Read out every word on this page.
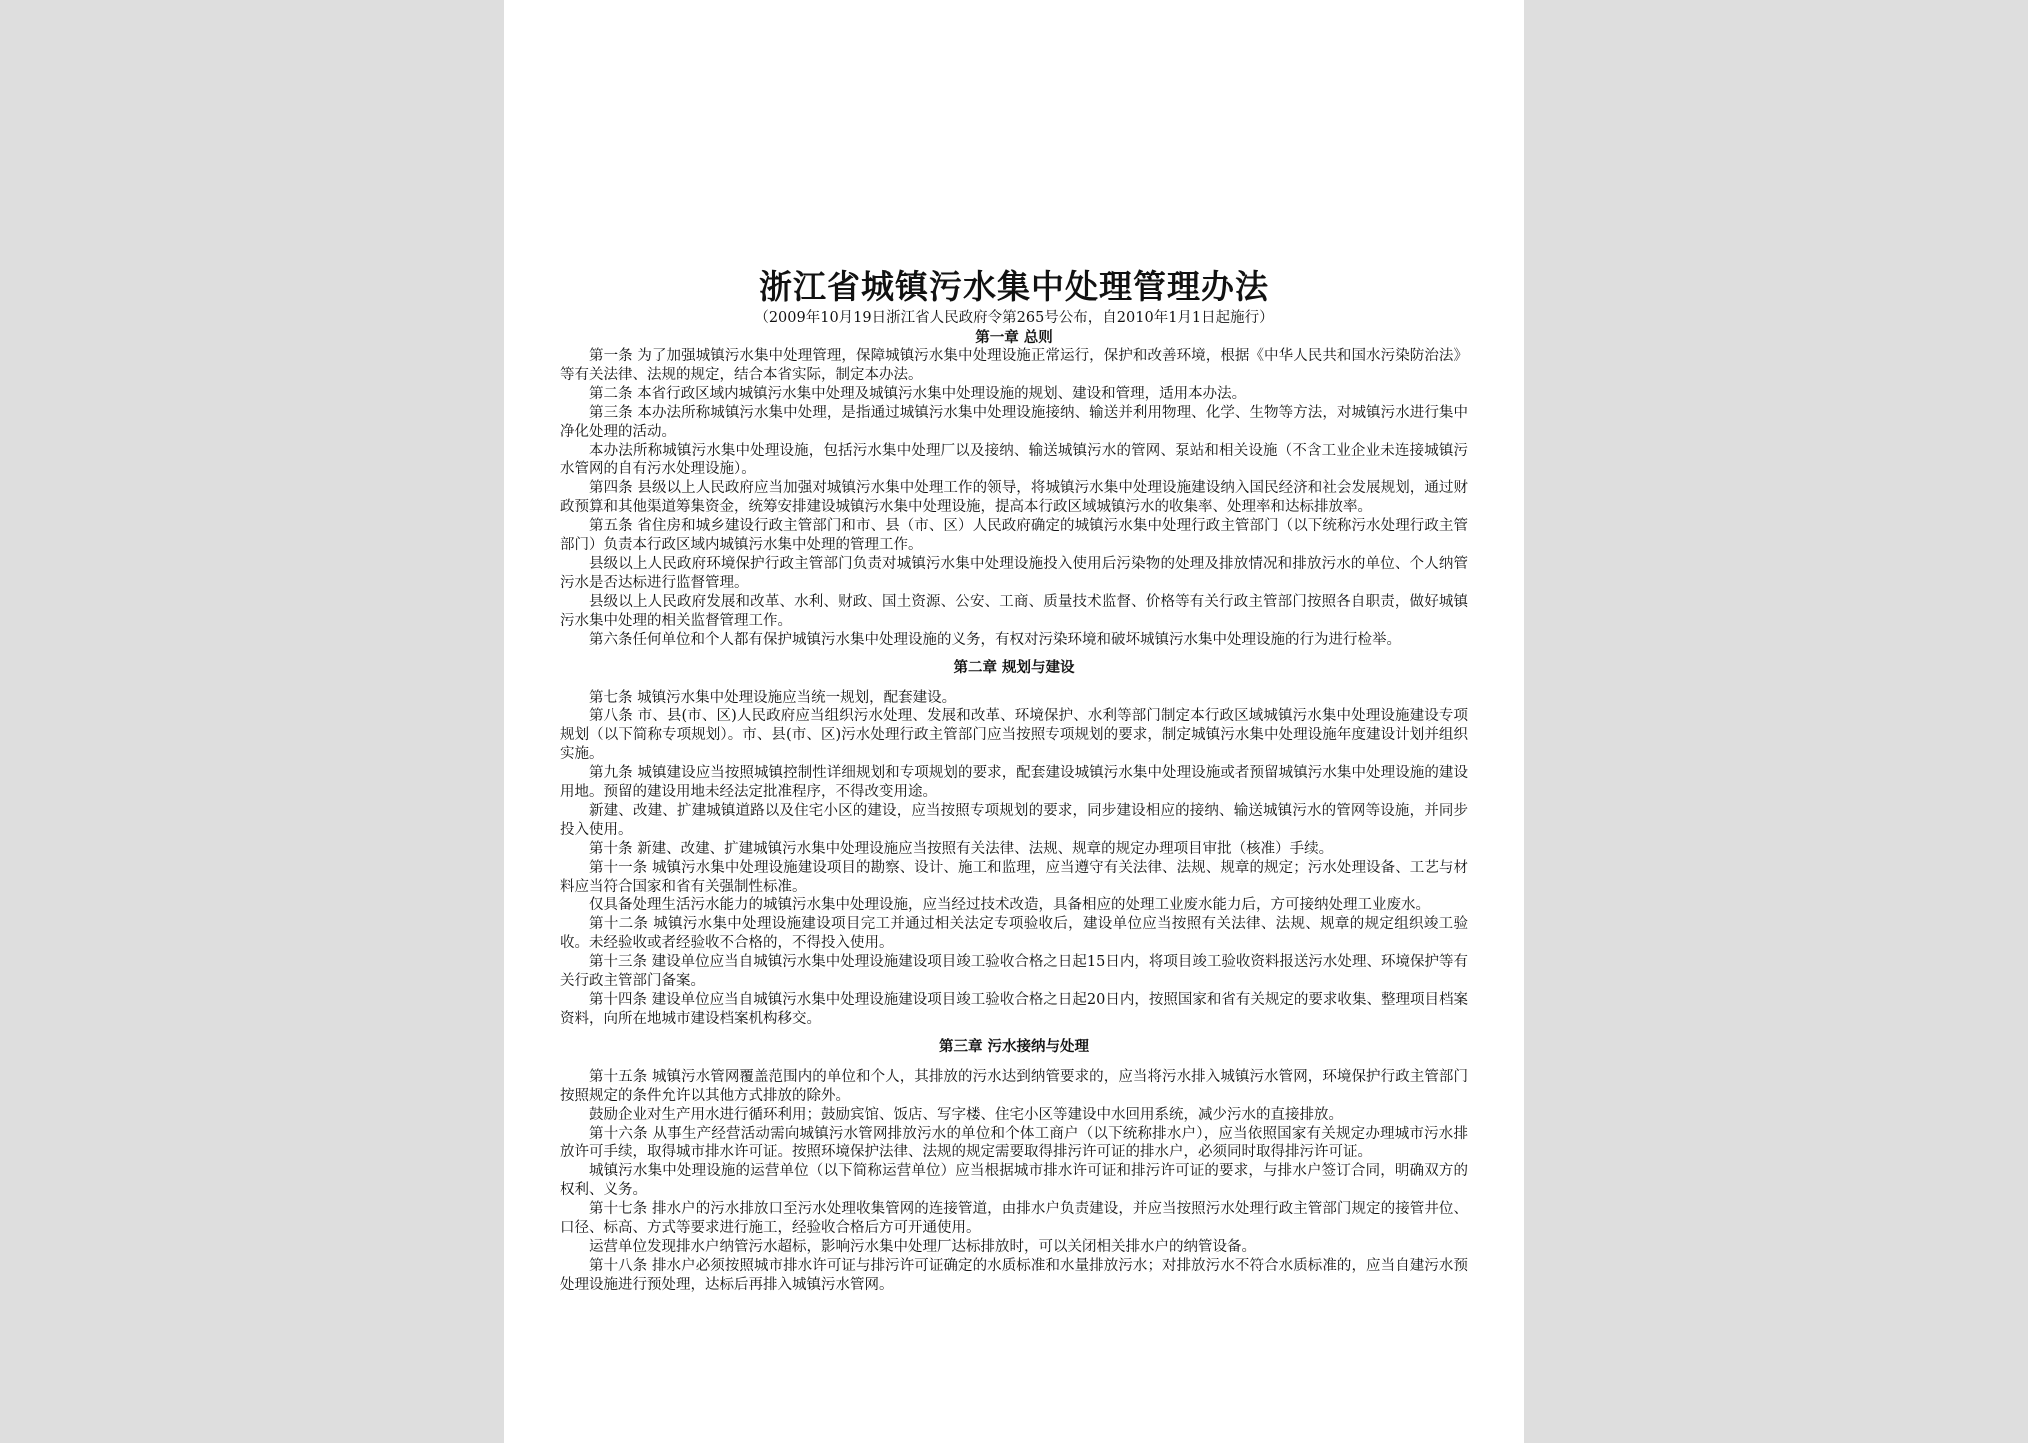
浙江省城镇污水集中处理管理办法

（2009年10月19日浙江省人民政府令第265号公布，自2010年1月1日起施行）

第一章 总则

第一条 为了加强城镇污水集中处理管理，保障城镇污水集中处理设施正常运行，保护和改善环境，根据《中华人民共和国水污染防治法》等有关法律、法规的规定，结合本省实际，制定本办法。

第二条 本省行政区域内城镇污水集中处理及城镇污水集中处理设施的规划、建设和管理，适用本办法。

第三条 本办法所称城镇污水集中处理，是指通过城镇污水集中处理设施接纳、输送并利用物理、化学、生物等方法，对城镇污水进行集中净化处理的活动。

本办法所称城镇污水集中处理设施，包括污水集中处理厂以及接纳、输送城镇污水的管网、泵站和相关设施（不含工业企业未连接城镇污水管网的自有污水处理设施）。

第四条 县级以上人民政府应当加强对城镇污水集中处理工作的领导，将城镇污水集中处理设施建设纳入国民经济和社会发展规划，通过财政预算和其他渠道筹集资金，统筹安排建设城镇污水集中处理设施，提高本行政区域城镇污水的收集率、处理率和达标排放率。

第五条 省住房和城乡建设行政主管部门和市、县（市、区）人民政府确定的城镇污水集中处理行政主管部门（以下统称污水处理行政主管部门）负责本行政区域内城镇污水集中处理的管理工作。

县级以上人民政府环境保护行政主管部门负责对城镇污水集中处理设施投入使用后污染物的处理及排放情况和排放污水的单位、个人纳管污水是否达标进行监督管理。

县级以上人民政府发展和改革、水利、财政、国土资源、公安、工商、质量技术监督、价格等有关行政主管部门按照各自职责，做好城镇污水集中处理的相关监督管理工作。

第六条任何单位和个人都有保护城镇污水集中处理设施的义务，有权对污染环境和破坏城镇污水集中处理设施的行为进行检举。

第二章 规划与建设

第七条 城镇污水集中处理设施应当统一规划，配套建设。

第八条 市、县(市、区)人民政府应当组织污水处理、发展和改革、环境保护、水利等部门制定本行政区域城镇污水集中处理设施建设专项规划（以下简称专项规划）。市、县(市、区)污水处理行政主管部门应当按照专项规划的要求，制定城镇污水集中处理设施年度建设计划并组织实施。

第九条 城镇建设应当按照城镇控制性详细规划和专项规划的要求，配套建设城镇污水集中处理设施或者预留城镇污水集中处理设施的建设用地。预留的建设用地未经法定批准程序，不得改变用途。

新建、改建、扩建城镇道路以及住宅小区的建设，应当按照专项规划的要求，同步建设相应的接纳、输送城镇污水的管网等设施，并同步投入使用。

第十条 新建、改建、扩建城镇污水集中处理设施应当按照有关法律、法规、规章的规定办理项目审批（核准）手续。

第十一条 城镇污水集中处理设施建设项目的勘察、设计、施工和监理，应当遵守有关法律、法规、规章的规定；污水处理设备、工艺与材料应当符合国家和省有关强制性标准。

仅具备处理生活污水能力的城镇污水集中处理设施，应当经过技术改造，具备相应的处理工业废水能力后，方可接纳处理工业废水。

第十二条 城镇污水集中处理设施建设项目完工并通过相关法定专项验收后，建设单位应当按照有关法律、法规、规章的规定组织竣工验收。未经验收或者经验收不合格的，不得投入使用。

第十三条 建设单位应当自城镇污水集中处理设施建设项目竣工验收合格之日起15日内，将项目竣工验收资料报送污水处理、环境保护等有关行政主管部门备案。

第十四条 建设单位应当自城镇污水集中处理设施建设项目竣工验收合格之日起20日内，按照国家和省有关规定的要求收集、整理项目档案资料，向所在地城市建设档案机构移交。

第三章 污水接纳与处理

第十五条 城镇污水管网覆盖范围内的单位和个人，其排放的污水达到纳管要求的，应当将污水排入城镇污水管网，环境保护行政主管部门按照规定的条件允许以其他方式排放的除外。

鼓励企业对生产用水进行循环利用；鼓励宾馆、饭店、写字楼、住宅小区等建设中水回用系统，减少污水的直接排放。

第十六条 从事生产经营活动需向城镇污水管网排放污水的单位和个体工商户（以下统称排水户），应当依照国家有关规定办理城市污水排放许可手续，取得城市排水许可证。按照环境保护法律、法规的规定需要取得排污许可证的排水户，必须同时取得排污许可证。

城镇污水集中处理设施的运营单位（以下简称运营单位）应当根据城市排水许可证和排污许可证的要求，与排水户签订合同，明确双方的权利、义务。

第十七条 排水户的污水排放口至污水处理收集管网的连接管道，由排水户负责建设，并应当按照污水处理行政主管部门规定的接管井位、口径、标高、方式等要求进行施工，经验收合格后方可开通使用。

运营单位发现排水户纳管污水超标，影响污水集中处理厂达标排放时，可以关闭相关排水户的纳管设备。

第十八条 排水户必须按照城市排水许可证与排污许可证确定的水质标准和水量排放污水；对排放污水不符合水质标准的，应当自建污水预处理设施进行预处理，达标后再排入城镇污水管网。
